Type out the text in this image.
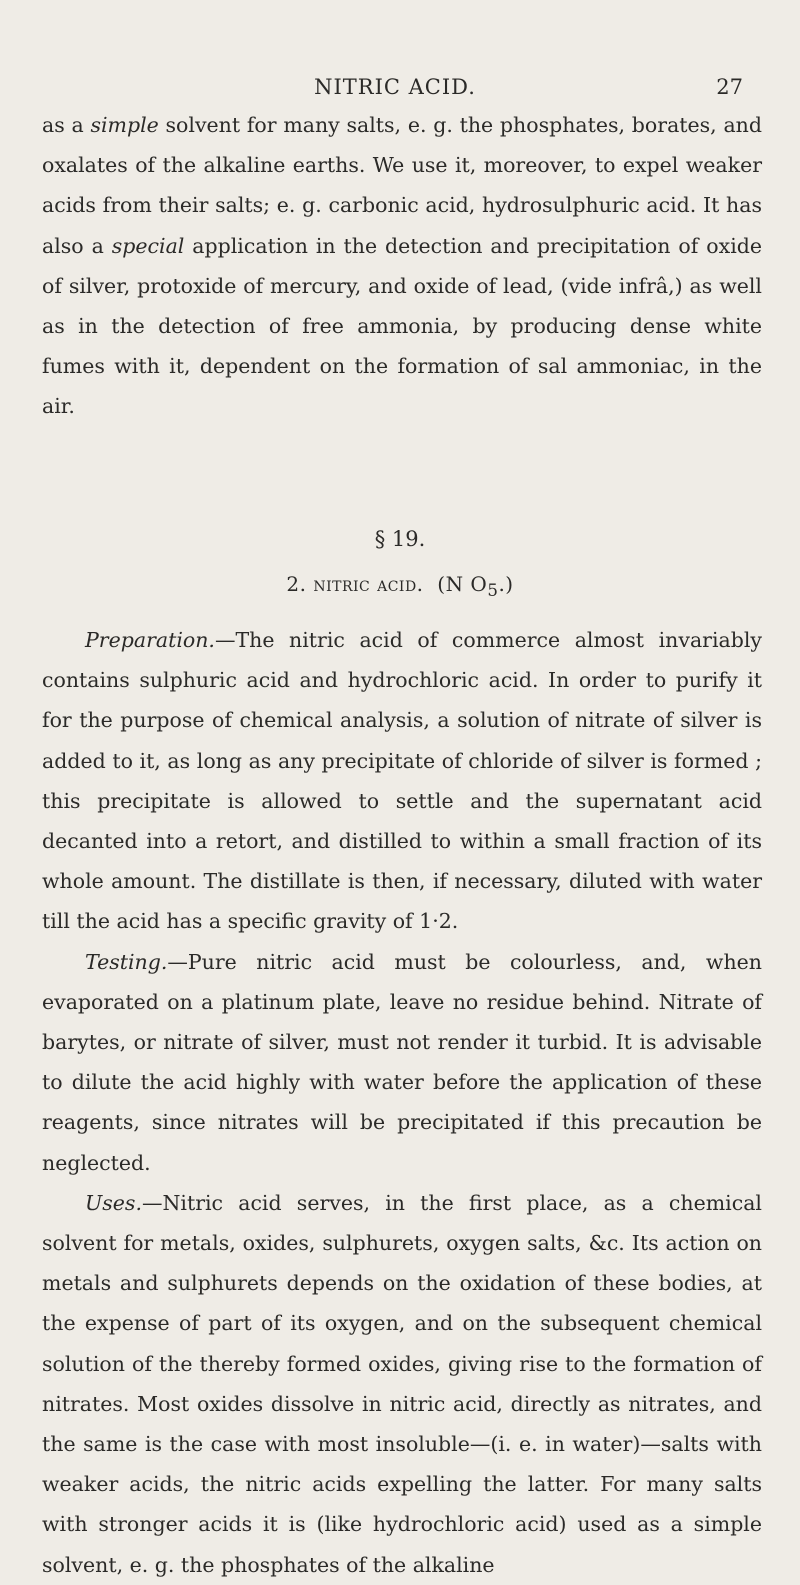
NITRIC ACID.	27
as a simple solvent for many salts, e. g. the phosphates, borates, and oxalates of the alkaline earths. We use it, moreover, to expel weaker acids from their salts; e. g. carbonic acid, hydrosulphuric acid. It has also a special application in the detection and precipitation of oxide of silver, protoxide of mercury, and oxide of lead, (vide infrâ,) as well as in the detection of free ammonia, by producing dense white fumes with it, dependent on the formation of sal ammoniac, in the air.
§ 19.
2. nitric acid. (N $O_5$.)

Preparation.—The nitric acid of commerce almost invariably contains sulphuric acid and hydrochloric acid. In order to purify it for the purpose of chemical analysis, a solution of nitrate of silver is added to it, as long as any precipitate of chloride of silver is formed ; this precipitate is allowed to settle and the supernatant acid decanted into a retort, and distilled to within a small fraction of its whole amount. The distillate is then, if necessary, diluted with water till the acid has a specific gravity of 1·2.

Testing.—Pure nitric acid must be colourless, and, when evaporated on a platinum plate, leave no residue behind. Nitrate of barytes, or nitrate of silver, must not render it turbid. It is advisable to dilute the acid highly with water before the application of these reagents, since nitrates will be precipitated if this precaution be neglected.

Uses.—Nitric acid serves, in the first place, as a chemical solvent for metals, oxides, sulphurets, oxygen salts, &c. Its action on metals and sulphurets depends on the oxidation of these bodies, at the expense of part of its oxygen, and on the subsequent chemical solution of the thereby formed oxides, giving rise to the formation of nitrates. Most oxides dissolve in nitric acid, directly as nitrates, and the same is the case with most insoluble—(i. e. in water)—salts with weaker acids, the nitric acids expelling the latter. For many salts with stronger acids it is (like hydrochloric acid) used as a simple solvent, e. g. the phosphates of the alkaline
